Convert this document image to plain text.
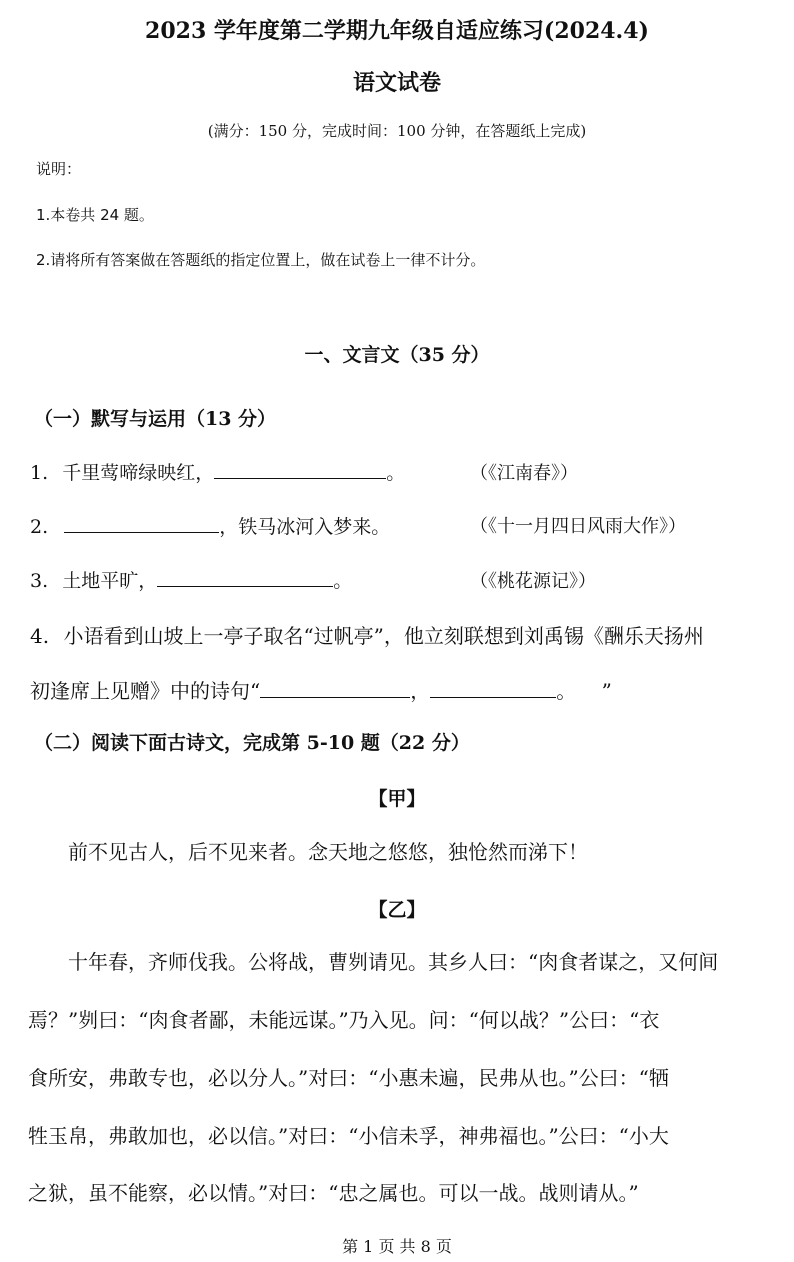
2023 学年度第二学期九年级自适应练习(2024.4)
语文试卷
(满分：150 分，完成时间：100 分钟，在答题纸上完成)
说明：
1.本卷共 24 题。
2.请将所有答案做在答题纸的指定位置上，做在试卷上一律不计分。
一、文言文（35 分）
（一）默写与运用（13 分）
1. 千里莺啼绿映红，	。	（《江南春》）
2.	，铁马冰河入梦来。	（《十一月四日风雨大作》）
3. 土地平旷，	。	（《桃花源记》）
4. 小语看到山坡上一亭子取名“过帆亭”，他立刻联想到刘禹锡《酬乐天扬州
初逢席上见赠》中的诗句“	，	。    ”
（二）阅读下面古诗文，完成第 5-10 题（22 分）
【甲】
前不见古人，后不见来者。念天地之悠悠，独怆然而涕下！
【乙】
十年春，齐师伐我。公将战，曹刿请见。其乡人曰：“肉食者谋之，又何间
焉？”刿曰：“肉食者鄙，未能远谋。”乃入见。问：“何以战？”公曰：“衣
食所安，弗敢专也，必以分人。”对曰：“小惠未遍，民弗从也。”公曰：“牺
牲玉帛，弗敢加也，必以信。”对曰：“小信未孚，神弗福也。”公曰：“小大
之狱，虽不能察，必以情。”对曰：“忠之属也。可以一战。战则请从。”
第 1 页 共 8 页
